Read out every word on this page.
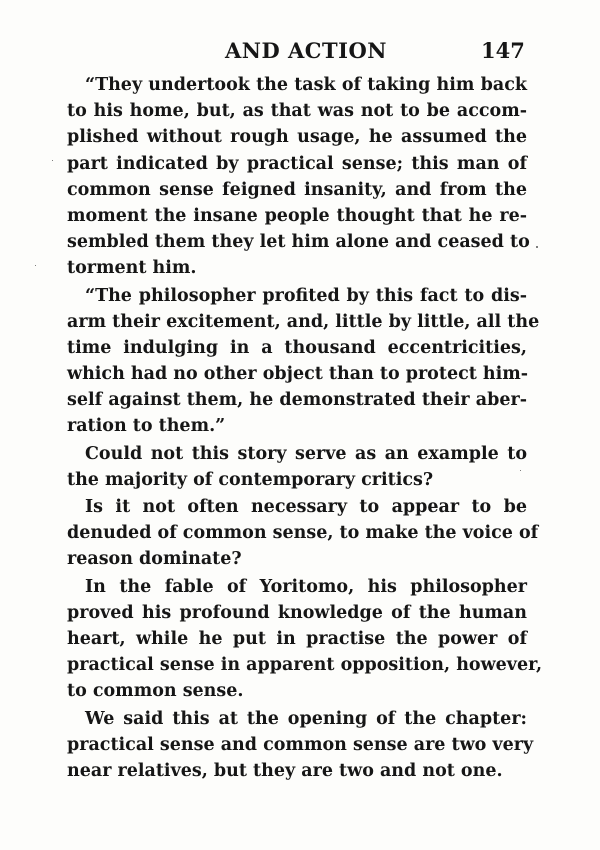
AND ACTION	147
“They undertook the task of taking him back
to his home, but, as that was not to be accom-
plished without rough usage, he assumed the
part indicated by practical sense; this man of
common sense feigned insanity, and from the
moment the insane people thought that he re-
sembled them they let him alone and ceased to
torment him.
“The philosopher profited by this fact to dis-
arm their excitement, and, little by little, all the
time indulging in a thousand eccentricities,
which had no other object than to protect him-
self against them, he demonstrated their aber-
ration to them.”
Could not this story serve as an example to
the majority of contemporary critics?
Is it not often necessary to appear to be
denuded of common sense, to make the voice of
reason dominate?
In the fable of Yoritomo, his philosopher
proved his profound knowledge of the human
heart, while he put in practise the power of
practical sense in apparent opposition, however,
to common sense.
We said this at the opening of the chapter:
practical sense and common sense are two very
near relatives, but they are two and not one.
